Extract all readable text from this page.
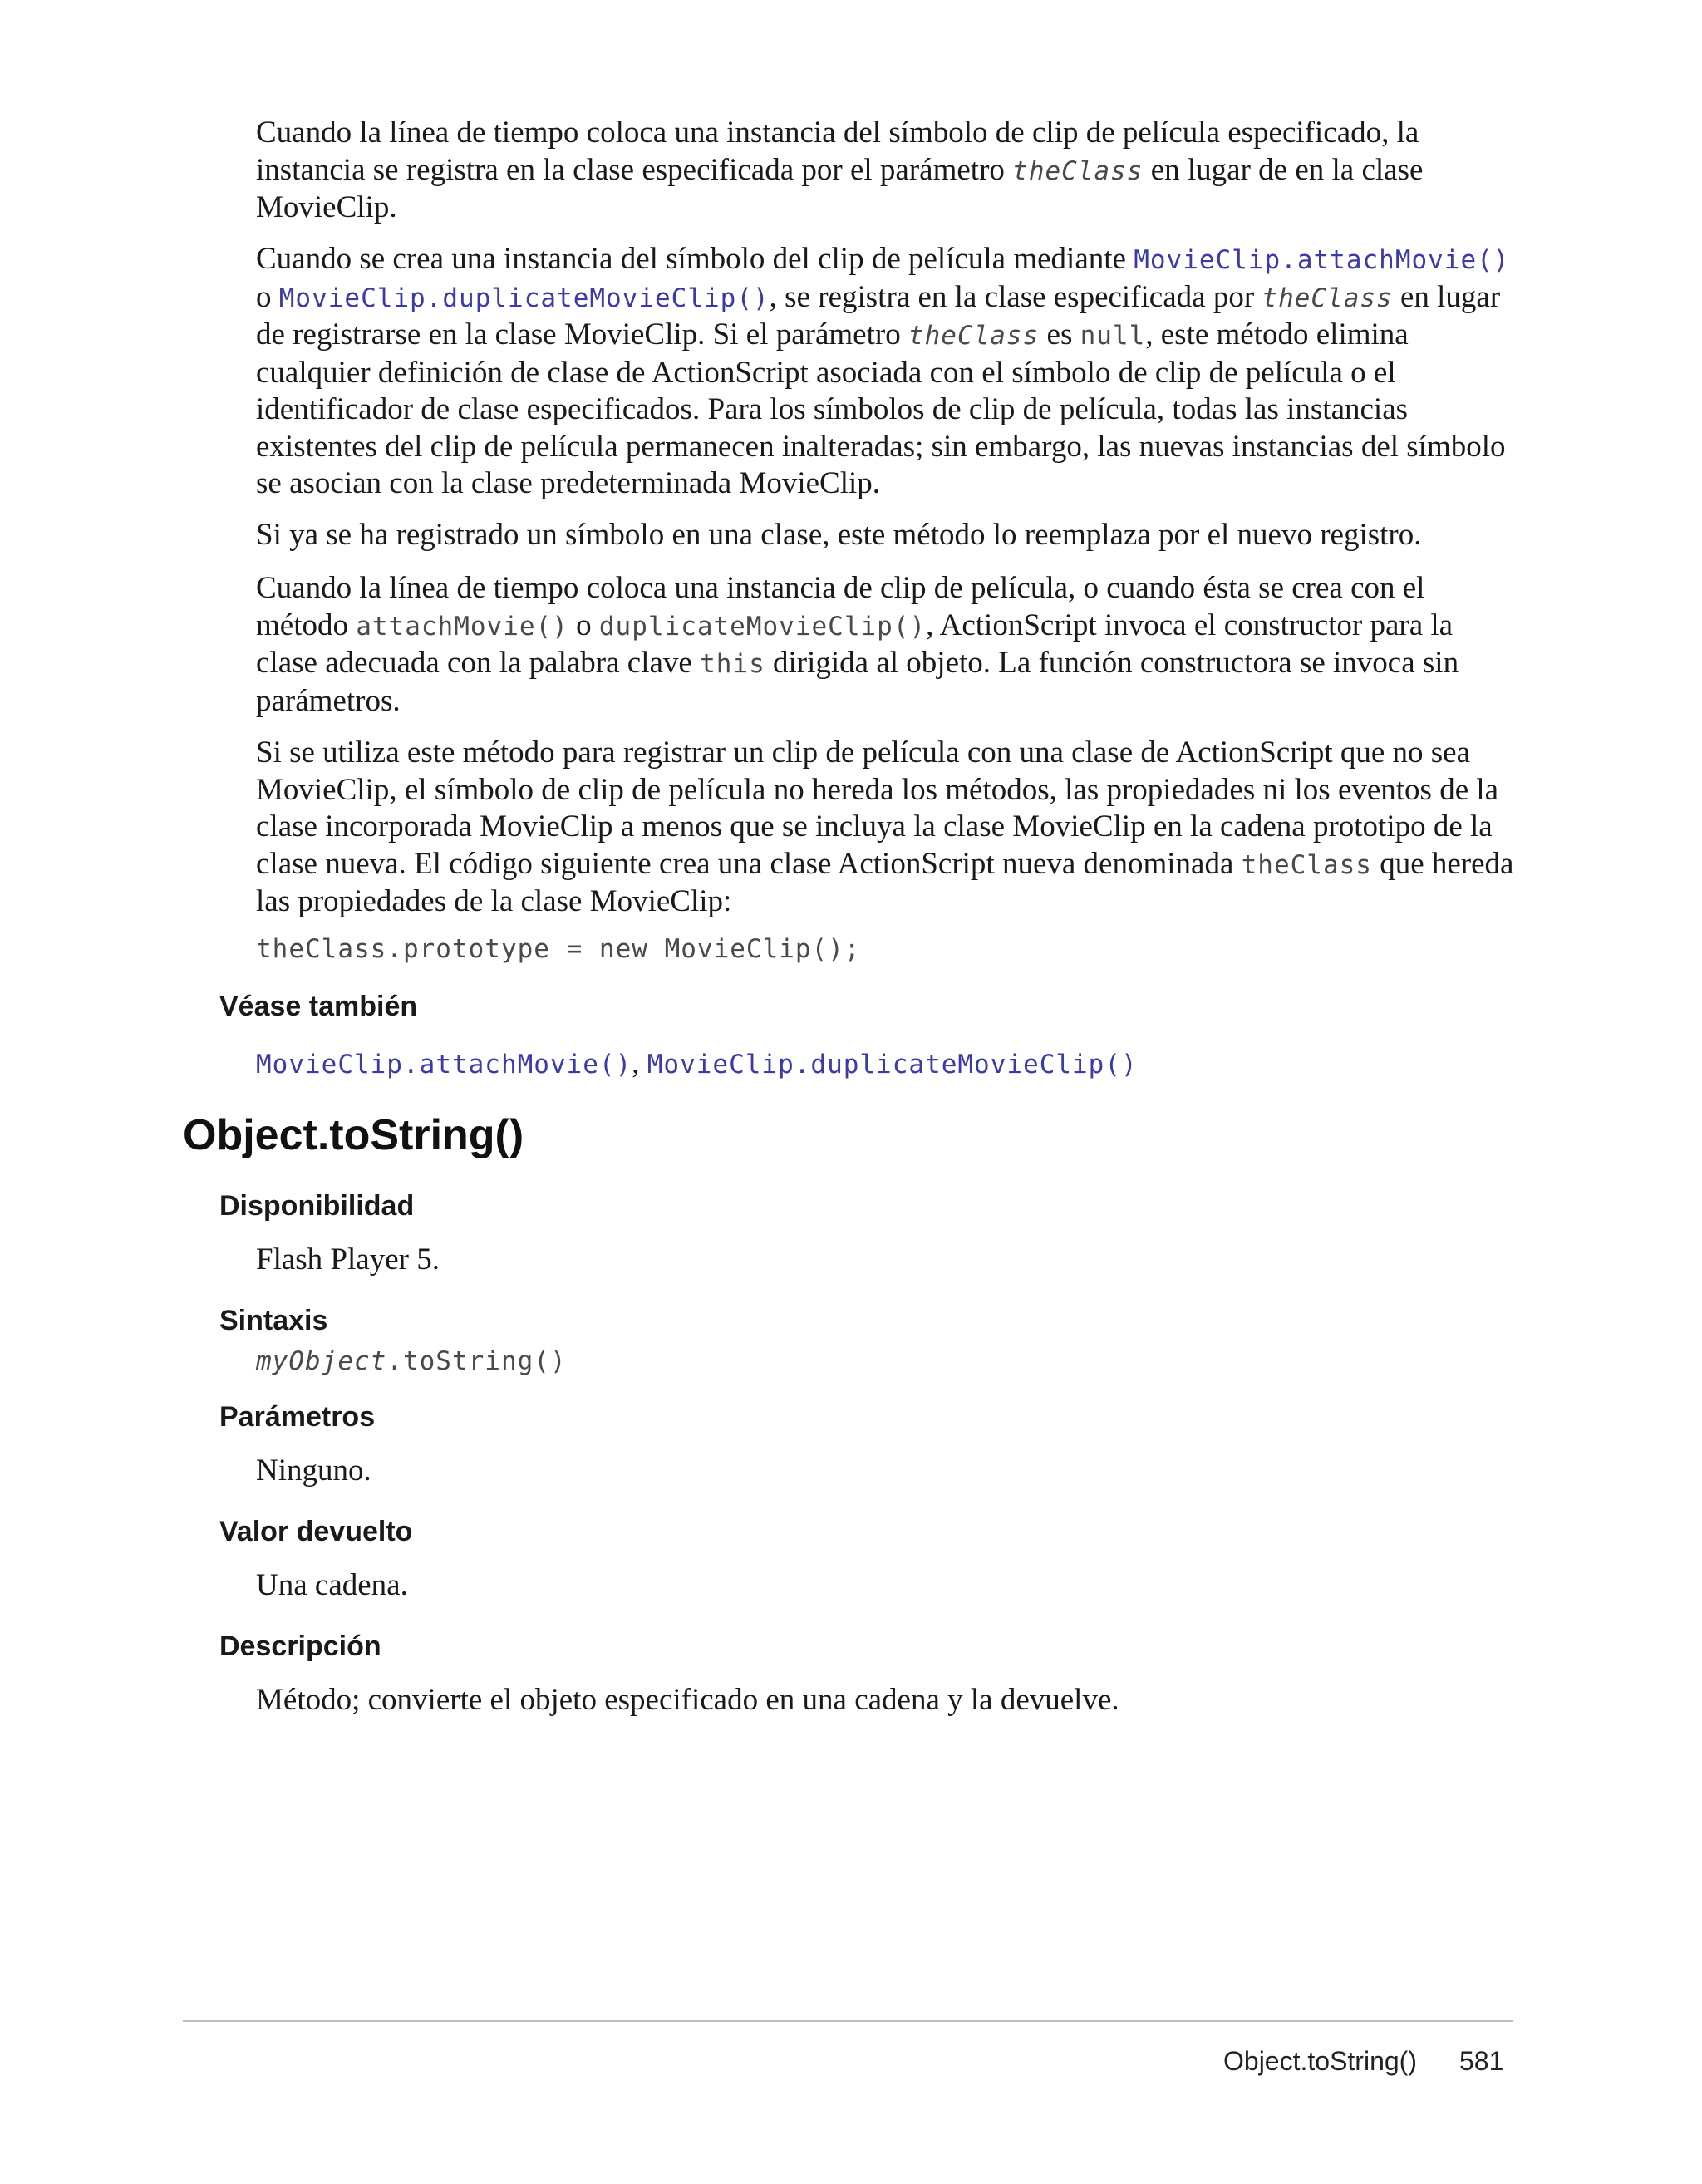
Cuando la línea de tiempo coloca una instancia del símbolo de clip de película especificado, la instancia se registra en la clase especificada por el parámetro theClass en lugar de en la clase MovieClip.

Cuando se crea una instancia del símbolo del clip de película mediante MovieClip.attachMovie() o MovieClip.duplicateMovieClip(), se registra en la clase especificada por theClass en lugar de registrarse en la clase MovieClip. Si el parámetro theClass es null, este método elimina cualquier definición de clase de ActionScript asociada con el símbolo de clip de película o el identificador de clase especificados. Para los símbolos de clip de película, todas las instancias existentes del clip de película permanecen inalteradas; sin embargo, las nuevas instancias del símbolo se asocian con la clase predeterminada MovieClip.

Si ya se ha registrado un símbolo en una clase, este método lo reemplaza por el nuevo registro.

Cuando la línea de tiempo coloca una instancia de clip de película, o cuando ésta se crea con el método attachMovie() o duplicateMovieClip(), ActionScript invoca el constructor para la clase adecuada con la palabra clave this dirigida al objeto. La función constructora se invoca sin parámetros.

Si se utiliza este método para registrar un clip de película con una clase de ActionScript que no sea MovieClip, el símbolo de clip de película no hereda los métodos, las propiedades ni los eventos de la clase incorporada MovieClip a menos que se incluya la clase MovieClip en la cadena prototipo de la clase nueva. El código siguiente crea una clase ActionScript nueva denominada theClass que hereda las propiedades de la clase MovieClip:

theClass.prototype = new MovieClip();
Véase también

MovieClip.attachMovie(), MovieClip.duplicateMovieClip()

Object.toString()
Disponibilidad

Flash Player 5.

Sintaxis
myObject.toString()
Parámetros

Ninguno.

Valor devuelto

Una cadena.

Descripción

Método; convierte el objeto especificado en una cadena y la devuelve.

Object.toString() 581
